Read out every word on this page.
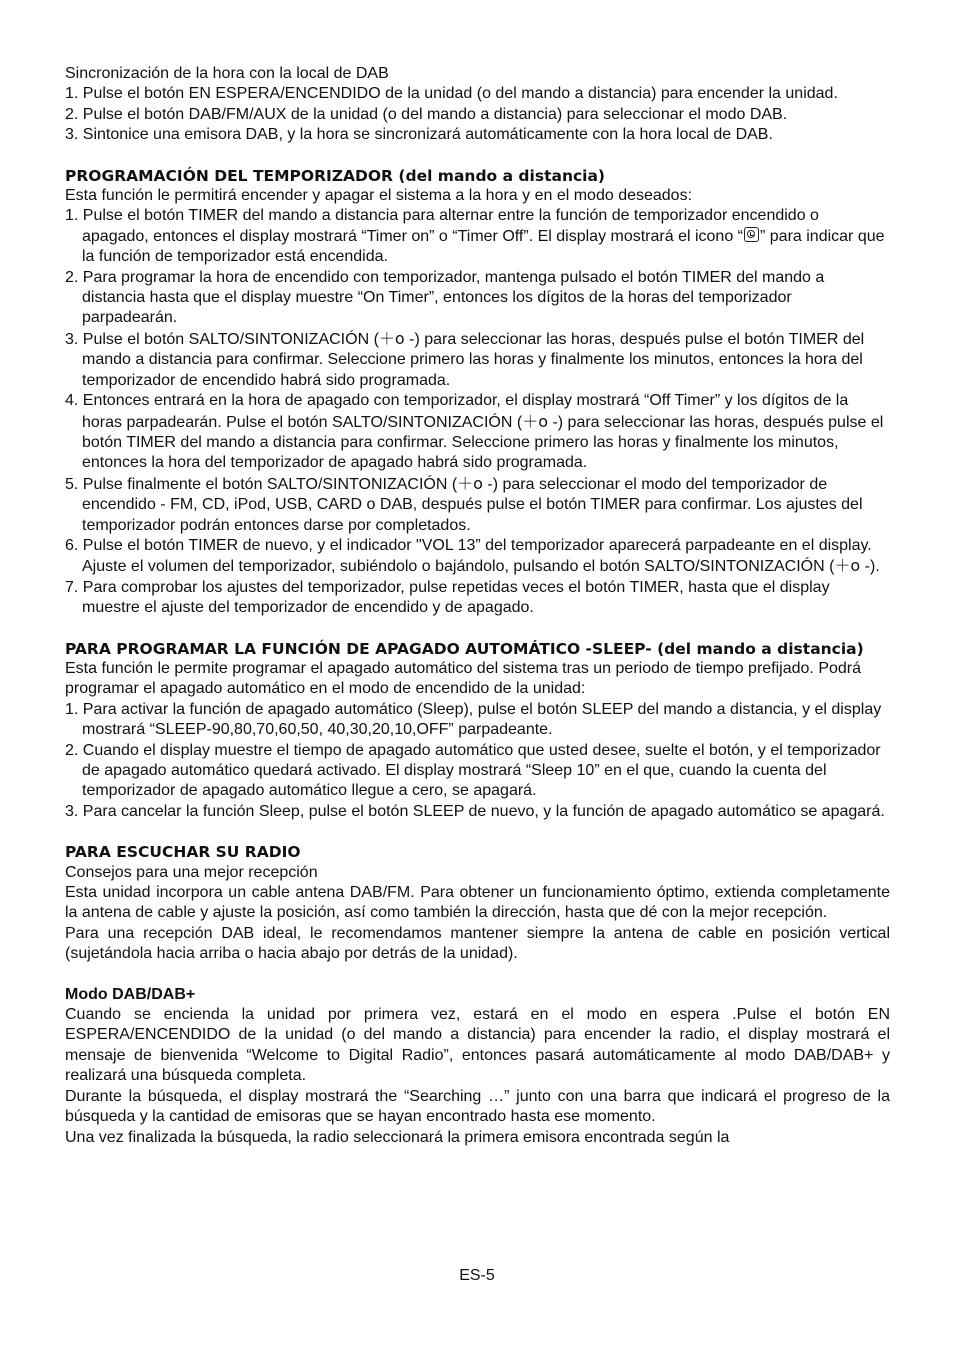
Sincronización de la hora con la local de DAB

1. Pulse el botón EN ESPERA/ENCENDIDO de la unidad (o del mando a distancia) para encender la unidad.
2. Pulse el botón DAB/FM/AUX de la unidad (o del mando a distancia) para seleccionar el modo DAB.
3. Sintonice una emisora DAB, y la hora se sincronizará automáticamente con la hora local de DAB.

PROGRAMACIÓN DEL TEMPORIZADOR (del mando a distancia)

Esta función le permitirá encender y apagar el sistema a la hora y en el modo deseados:

1. Pulse el botón TIMER del mando a distancia para alternar entre la función de temporizador encendido o apagado, entonces el display mostrará “Timer on” o “Timer Off”. El display mostrará el icono “ ” para indicar que la función de temporizador está encendida.
2. Para programar la hora de encendido con temporizador, mantenga pulsado el botón TIMER del mando a distancia hasta que el display muestre “On Timer”, entonces los dígitos de la horas del temporizador parpadearán.
3. Pulse el botón SALTO/SINTONIZACIÓN (＋o -) para seleccionar las horas, después pulse el botón TIMER del mando a distancia para confirmar. Seleccione primero las horas y finalmente los minutos, entonces la hora del temporizador de encendido habrá sido programada.
4. Entonces entrará en la hora de apagado con temporizador, el display mostrará “Off Timer” y los dígitos de la horas parpadearán. Pulse el botón SALTO/SINTONIZACIÓN (＋o -) para seleccionar las horas, después pulse el botón TIMER del mando a distancia para confirmar. Seleccione primero las horas y finalmente los minutos, entonces la hora del temporizador de apagado habrá sido programada.
5. Pulse finalmente el botón SALTO/SINTONIZACIÓN (＋o -) para seleccionar el modo del temporizador de encendido - FM, CD, iPod, USB, CARD o DAB, después pulse el botón TIMER para confirmar. Los ajustes del temporizador podrán entonces darse por completados.
6. Pulse el botón TIMER de nuevo, y el indicador "VOL 13” del temporizador aparecerá parpadeante en el display. Ajuste el volumen del temporizador, subiéndolo o bajándolo, pulsando el botón SALTO/SINTONIZACIÓN (＋o -).
7. Para comprobar los ajustes del temporizador, pulse repetidas veces el botón TIMER, hasta que el display muestre el ajuste del temporizador de encendido y de apagado.

PARA PROGRAMAR LA FUNCIÓN DE APAGADO AUTOMÁTICO -SLEEP- (del mando a distancia)

Esta función le permite programar el apagado automático del sistema tras un periodo de tiempo prefijado. Podrá programar el apagado automático en el modo de encendido de la unidad:

1. Para activar la función de apagado automático (Sleep), pulse el botón SLEEP del mando a distancia, y el display mostrará “SLEEP-90,80,70,60,50, 40,30,20,10,OFF” parpadeante.
2. Cuando el display muestre el tiempo de apagado automático que usted desee, suelte el botón, y el temporizador de apagado automático quedará activado. El display mostrará “Sleep 10” en el que, cuando la cuenta del temporizador de apagado automático llegue a cero, se apagará.
3. Para cancelar la función Sleep, pulse el botón SLEEP de nuevo, y la función de apagado automático se apagará.

PARA ESCUCHAR SU RADIO

Consejos para una mejor recepción

Esta unidad incorpora un cable antena DAB/FM. Para obtener un funcionamiento óptimo, extienda completamente la antena de cable y ajuste la posición, así como también la dirección, hasta que dé con la mejor recepción.

Para una recepción DAB ideal, le recomendamos mantener siempre la antena de cable en posición vertical (sujetándola hacia arriba o hacia abajo por detrás de la unidad).

Modo DAB/DAB+

Cuando se encienda la unidad por primera vez, estará en el modo en espera .Pulse el botón EN ESPERA/ENCENDIDO de la unidad (o del mando a distancia) para encender la radio, el display mostrará el mensaje de bienvenida “Welcome to Digital Radio”, entonces pasará automáticamente al modo DAB/DAB+ y realizará una búsqueda completa.

Durante la búsqueda, el display mostrará the “Searching …” junto con una barra que indicará el progreso de la búsqueda y la cantidad de emisoras que se hayan encontrado hasta ese momento.

Una vez finalizada la búsqueda, la radio seleccionará la primera emisora encontrada según la

ES-5
